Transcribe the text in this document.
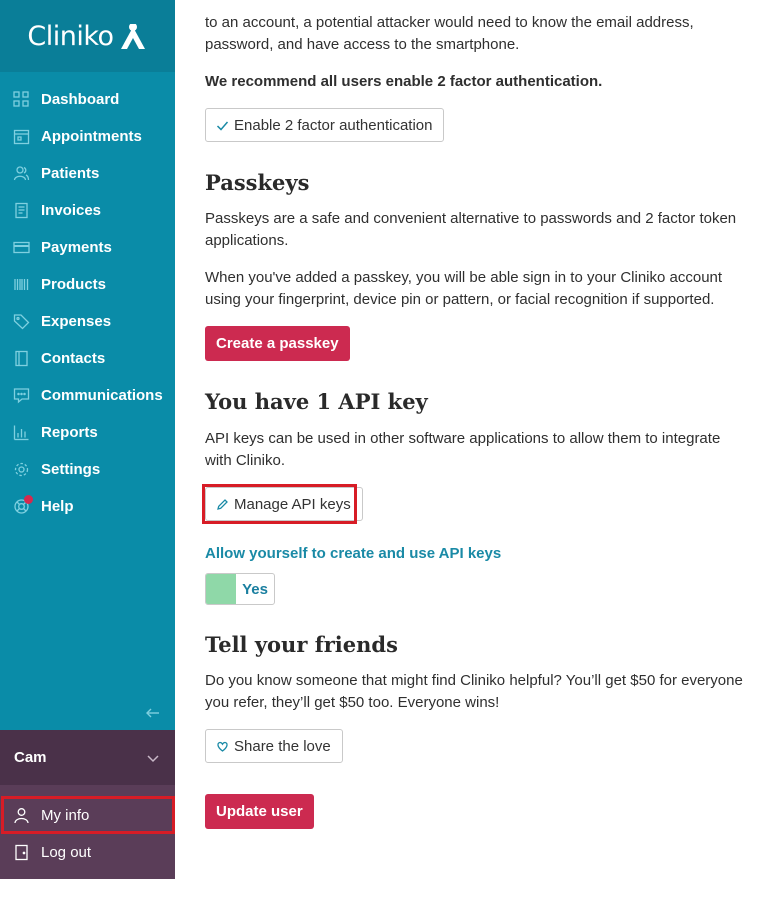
Cliniko
Dashboard
Appointments
Patients
Invoices
Payments
Products
Expenses
Contacts
Communications
Reports
Settings
Help
Cam
My info
Log out

to an account, a potential attacker would need to know the email address, password, and have access to the smartphone.

We recommend all users enable 2 factor authentication.

Enable 2 factor authentication
Passkeys

Passkeys are a safe and convenient alternative to passwords and 2 factor token applications.

When you've added a passkey, you will be able sign in to your Cliniko account using your fingerprint, device pin or pattern, or facial recognition if supported.

Create a passkey
You have 1 API key

API keys can be used in other software applications to allow them to integrate with Cliniko.

Manage API keys
Allow yourself to create and use API keys
Yes
Tell your friends

Do you know someone that might find Cliniko helpful? You’ll get $50 for everyone you refer, they’ll get $50 too. Everyone wins!

Share the love
Update user
